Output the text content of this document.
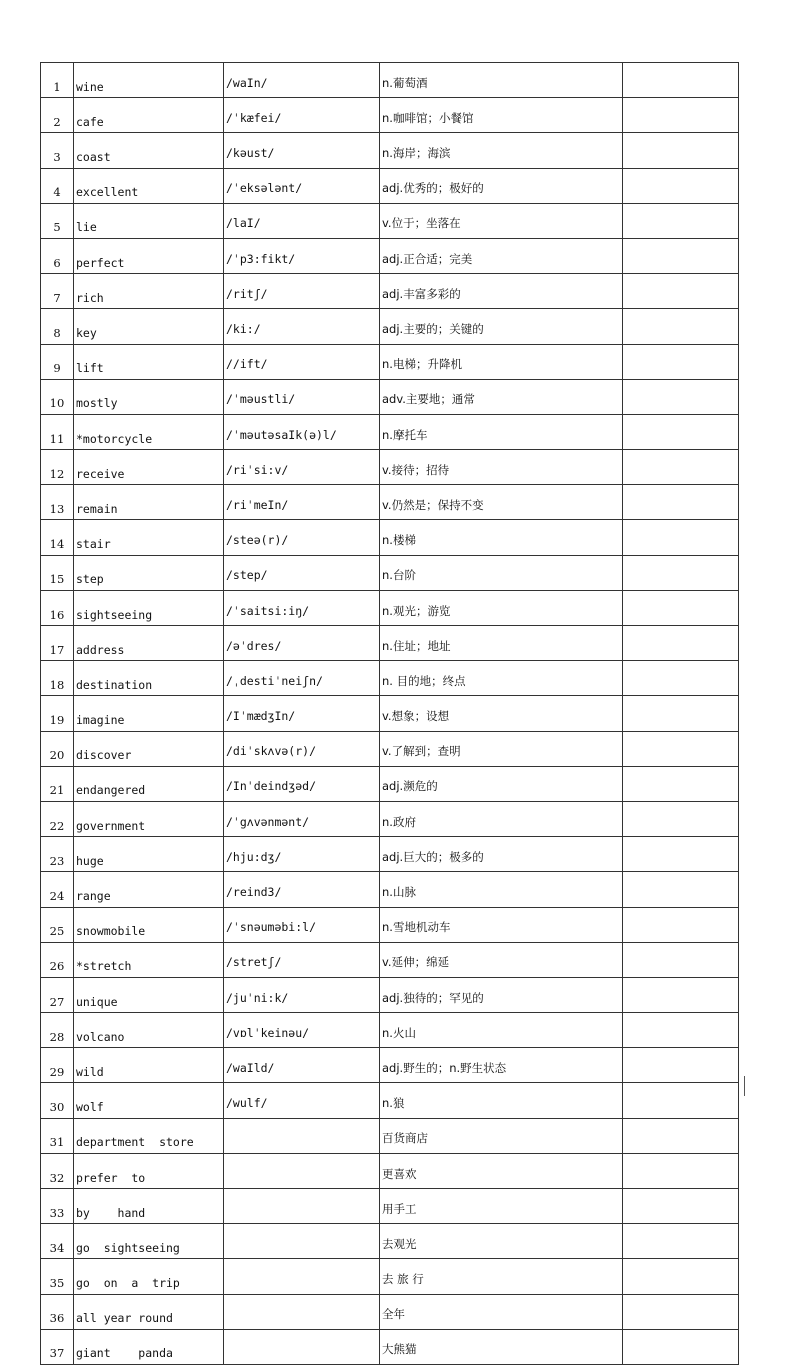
1	wine	/waIn/	n.葡萄酒	
2	cafe	/ˈkæfei/	n.咖啡馆；小餐馆	
3	coast	/kəust/	n.海岸；海滨	
4	excellent	/ˈeksələnt/	adj.优秀的；极好的	
5	lie	/laI/	v.位于；坐落在	
6	perfect	/ˈp3:fikt/	adj.正合适；完美	
7	rich	/ritʃ/	adj.丰富多彩的	
8	key	/ki:/	adj.主要的；关键的	
9	lift	//ift/	n.电梯；升降机	
10	mostly	/ˈməustli/	adv.主要地；通常	
11	*motorcycle	/ˈməutəsaIk(ə)l/	n.摩托车	
12	receive	/riˈsi:v/	v.接待；招待	
13	remain	/riˈmeIn/	v.仍然是；保持不变	
14	stair	/steə(r)/	n.楼梯	
15	step	/step/	n.台阶	
16	sightseeing	/ˈsaitsi:iŋ/	n.观光；游览	
17	address	/əˈdres/	n.住址；地址	
18	destination	/ˌdestiˈneiʃn/	n. 目的地；终点	
19	imagine	/IˈmædʒIn/	v.想象；设想	
20	discover	/diˈskʌvə(r)/	v.了解到；查明	
21	endangered	/Inˈdeindʒəd/	adj.濒危的	
22	government	/ˈgʌvənmənt/	n.政府	
23	huge	/hju:dʒ/	adj.巨大的；极多的	
24	range	/reind3/	n.山脉	
25	snowmobile	/ˈsnəuməbi:l/	n.雪地机动车	
26	*stretch	/stretʃ/	v.延伸；绵延	
27	unique	/juˈni:k/	adj.独待的；罕见的	
28	volcano	/vɒlˈkeinəu/	n.火山	
29	wild	/waIld/	adj.野生的；n.野生状态	
30	wolf	/wulf/	n.狼	
31	department  store		百货商店	
32	prefer  to		更喜欢	
33	by    hand		用手工	
34	go  sightseeing		去观光	
35	go  on  a  trip		去 旅 行	
36	all year round		全年	
37	giant    panda		大熊猫	
